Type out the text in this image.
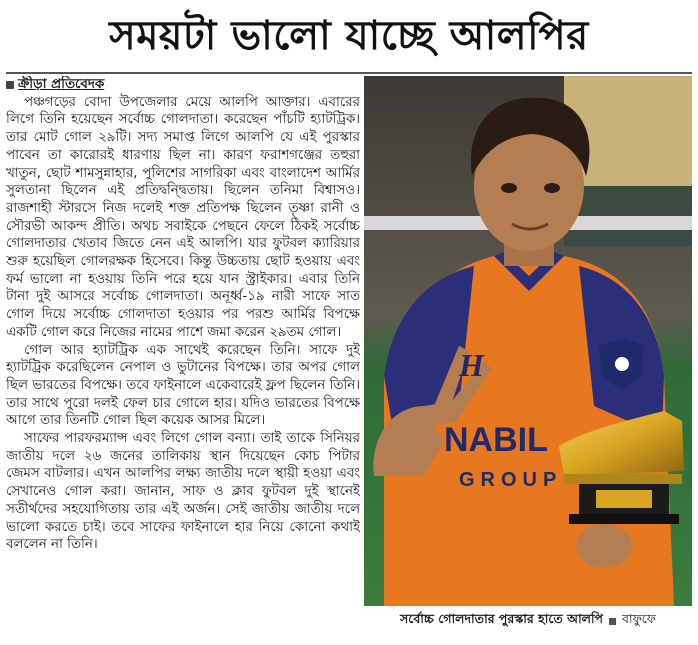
সময়টা ভালো যাচ্ছে আলপির
ক্রীড়া প্রতিবেদক

পঞ্চগড়ের বোদা উপজেলার মেয়ে আলপি আক্তার। এবারের লিগে তিনি হয়েছেন সর্বোচ্চ গোলদাতা। করেছেন পাঁচটি হ্যাটট্রিক। তার মোট গোল ২৯টি। সদ্য সমাপ্ত লিগে আলপি যে এই পুরস্কার পাবেন তা কারোরই ধারণায় ছিল না। কারণ ফরাশগঞ্জের তহুরা খাতুন, ছোট শামসুন্নাহার, পুলিশের সাগরিকা এবং বাংলাদেশ আর্মির সুলতানা ছিলেন এই প্রতিদ্বন্দ্বিতায়। ছিলেন তনিমা বিশ্বাসও। রাজশাহী স্টারসে নিজ দলেই শক্ত প্রতিপক্ষ ছিলেন তৃষ্ণা রানী ও সৌরভী আকন্দ প্রীতি। অথচ সবাইকে পেছনে ফেলে ঠিকই সর্বোচ্চ গোলদাতার খেতাব জিতে নেন এই আলপি। যার ফুটবল ক্যারিয়ার শুরু হয়েছিল গোলরক্ষক হিসেবে। কিন্তু উচ্চতায় ছোট হওয়ায় এবং ফর্ম ভালো না হওয়ায় তিনি পরে হয়ে যান স্ট্রাইকার। এবার তিনি টানা দুই আসরে সর্বোচ্চ গোলদাতা। অনূর্ধ্ব-১৯ নারী সাফে সাত গোল দিয়ে সর্বোচ্চ গোলদাতা হওয়ার পর পরশু আর্মির বিপক্ষে একটি গোল করে নিজের নামের পাশে জমা করেন ২৯তম গোল।

গোল আর হ্যাটট্রিক এক সাথেই করেছেন তিনি। সাফে দুই হ্যাটট্রিক করেছিলেন নেপাল ও ভুটানের বিপক্ষে। তার অপর গোল ছিল ভারতের বিপক্ষে। তবে ফাইনালে একেবারেই ফ্লপ ছিলেন তিনি। তার সাথে পুরো দলই ফেল চার গোলে হার। যদিও ভারতের বিপক্ষে আগে তার তিনটি গোল ছিল কয়েক আসর মিলে।

সাফের পারফরম্যান্স এবং লিগে গোল বন্যা। তাই তাকে সিনিয়র জাতীয় দলে ২৬ জনের তালিকায় স্থান দিয়েছেন কোচ পিটার জেমস বাটলার। এখন আলপির লক্ষ্য জাতীয় দলে স্থায়ী হওয়া এবং সেখানেও গোল করা। জানান, সাফ ও ক্লাব ফুটবল দুই স্থানেই সতীর্থদের সহযোগিতায় তার এই অর্জন। সেই জাতীয় জাতীয় দলে ভালো করতে চাই। তবে সাফের ফাইনালে হার নিয়ে কোনো কথাই বললেন না তিনি।

NABIL
GROUP
H
সর্বোচ্চ গোলদাতার পুরস্কার হাতে আলপি বাফুফে
